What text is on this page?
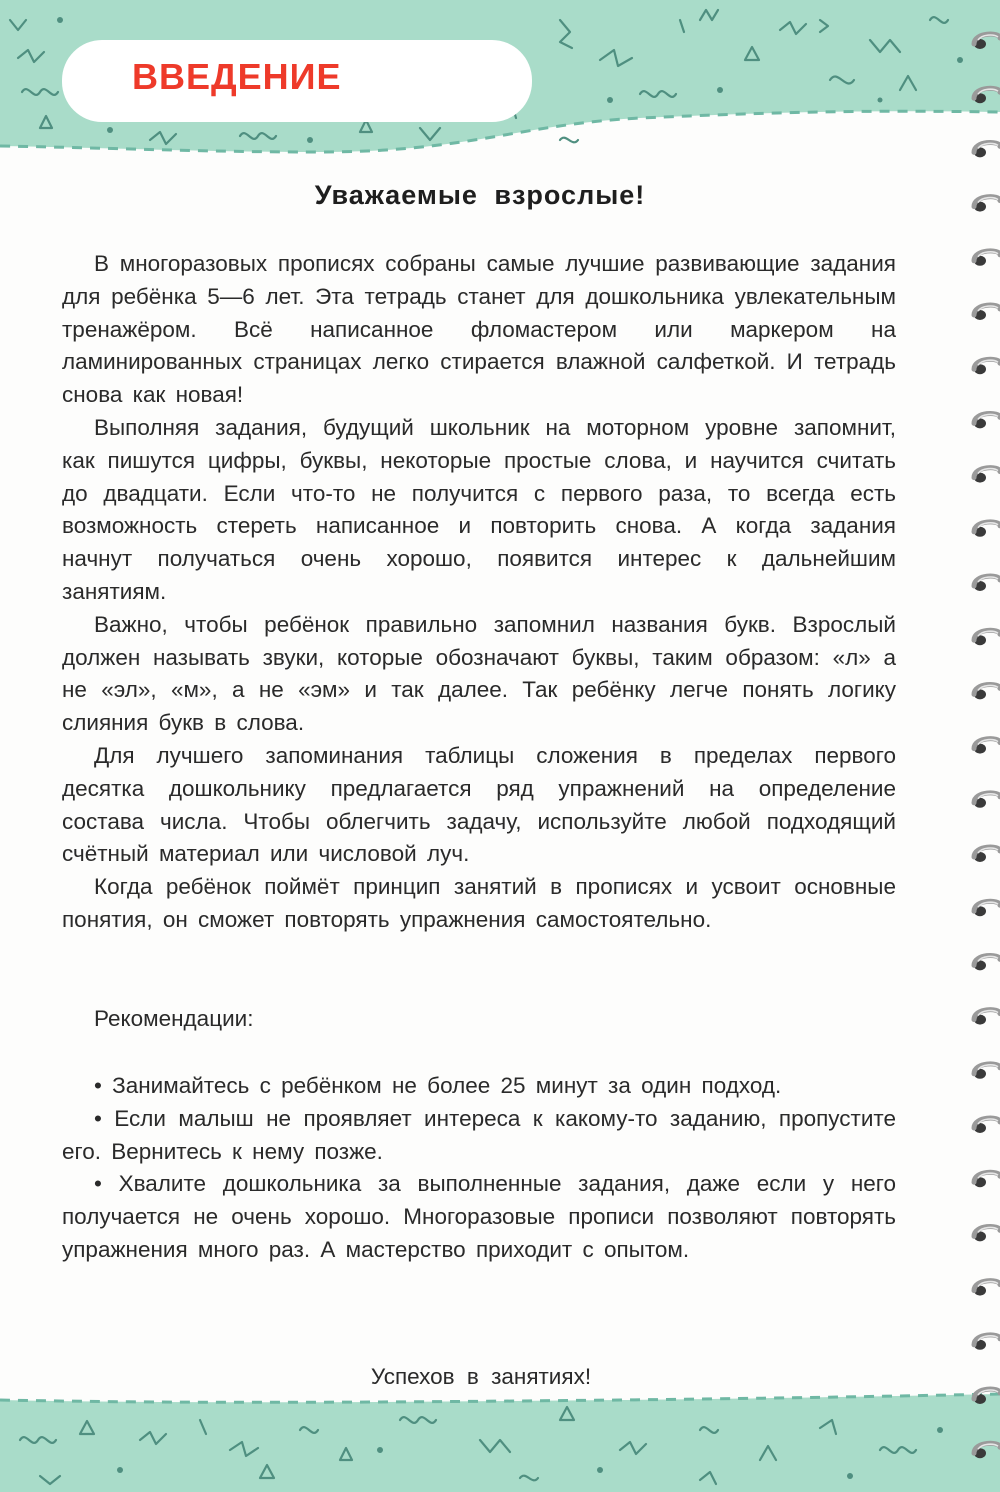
ВВЕДЕНИЕ
Уважаемые взрослые!

В многоразовых прописях собраны самые лучшие развивающие задания для ребёнка 5—6 лет. Эта тетрадь станет для дошкольника увлекательным тренажёром. Всё написанное фломастером или маркером на ламинированных страницах легко стирается влажной салфеткой. И тетрадь снова как новая!

Выполняя задания, будущий школьник на моторном уровне запомнит, как пишутся цифры, буквы, некоторые простые слова, и научится считать до двадцати. Если что-то не получится с первого раза, то всегда есть возможность стереть написанное и повторить снова. А когда задания начнут получаться очень хорошо, появится интерес к дальнейшим занятиям.

Важно, чтобы ребёнок правильно запомнил названия букв. Взрослый должен называть звуки, которые обозначают буквы, таким образом: «л» а не «эл», «м», а не «эм» и так далее. Так ребёнку легче понять логику слияния букв в слова.

Для лучшего запоминания таблицы сложения в пределах первого десятка дошкольнику предлагается ряд упражнений на определение состава числа. Чтобы облегчить задачу, используйте любой подходящий счётный материал или числовой луч.

Когда ребёнок поймёт принцип занятий в прописях и усвоит основные понятия, он сможет повторять упражнения самостоятельно.

Рекомендации:

• Занимайтесь с ребёнком не более 25 минут за один подход.

• Если малыш не проявляет интереса к какому-то заданию, пропустите его. Вернитесь к нему позже.

• Хвалите дошкольника за выполненные задания, даже если у него получается не очень хорошо. Многоразовые прописи позволяют повторять упражнения много раз. А мастерство приходит с опытом.

Успехов в занятиях!
